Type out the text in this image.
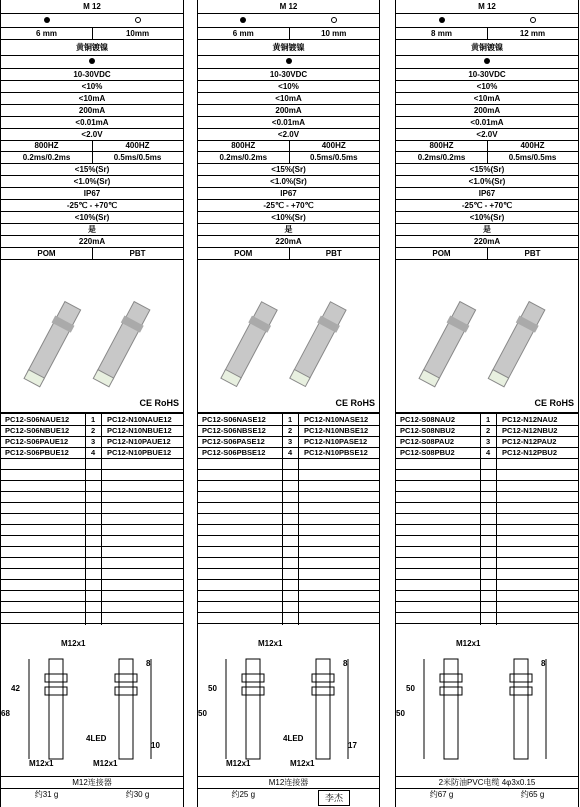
M 12
6 mm	10mm
黄铜镀镍
10-30VDC
<10%
<10mA
200mA
<0.01mA
<2.0V
800HZ	400HZ
0.2ms/0.2ms	0.5ms/0.5ms
<15%(Sr)
<1.0%(Sr)
IP67
-25℃ - +70℃
<10%(Sr)
是
220mA
POM	PBT
CE RoHS
PC12-S06NAUE12	1 PC12-N10NAUE12
PC12-S06NBUE12	2 PC12-N10NBUE12
PC12-S06PAUE12	3 PC12-N10PAUE12
PC12-S06PBUE12	4 PC12-N10PBUE12
M12x1
42
68
8
10
4LED
M12x1	M12x1
M12连接器
约31 g	约30 g
M 12
6 mm	10 mm
黄铜镀镍
10-30VDC
<10%
<10mA
200mA
<0.01mA
<2.0V
800HZ	400HZ
0.2ms/0.2ms	0.5ms/0.5ms
<15%(Sr)
<1.0%(Sr)
IP67
-25℃ - +70℃
<10%(Sr)
是
220mA
POM	PBT
CE RoHS
PC12-S06NASE12	1 PC12-N10NASE12
PC12-S06NBSE12	2 PC12-N10NBSE12
PC12-S06PASE12	3 PC12-N10PASE12
PC12-S06PBSE12	4 PC12-N10PBSE12
M12x1
50
50
8
17
4LED
M12x1	M12x1
M12连接器
约25 g
M 12
8 mm	12 mm
黄铜镀镍
10-30VDC
<10%
<10mA
200mA
<0.01mA
<2.0V
800HZ	400HZ
0.2ms/0.2ms	0.5ms/0.5ms
<15%(Sr)
<1.0%(Sr)
IP67
-25℃ - +70℃
<10%(Sr)
是
220mA
POM	PBT
CE RoHS
PC12-S08NAU2	1 PC12-N12NAU2
PC12-S08NBU2	2 PC12-N12NBU2
PC12-S08PAU2	3 PC12-N12PAU2
PC12-S08PBU2	4 PC12-N12PBU2
M12x1
50
50
8
2米防油PVC电缆 4φ3x0.15
约67 g	约65 g
李杰
